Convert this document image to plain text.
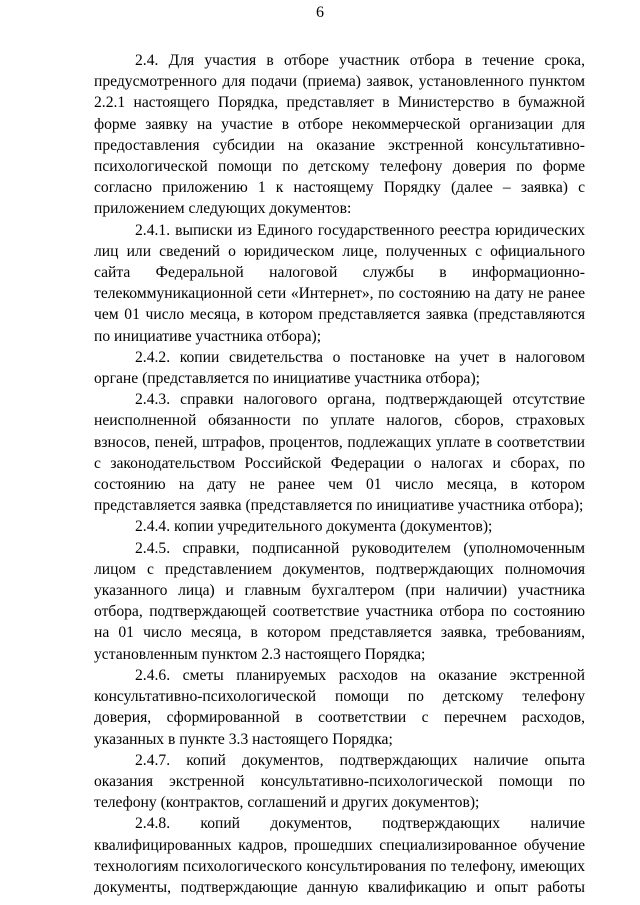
6

2.4. Для участия в отборе участник отбора в течение срока, предусмотренного для подачи (приема) заявок, установленного пунктом 2.2.1 настоящего Порядка, представляет в Министерство в бумажной форме заявку на участие в отборе некоммерческой организации для предоставления субсидии на оказание экстренной консультативно-психологической помощи по детскому телефону доверия по форме согласно приложению 1 к настоящему Порядку (далее – заявка) с приложением следующих документов:

2.4.1. выписки из Единого государственного реестра юридических лиц или сведений о юридическом лице, полученных с официального сайта Федеральной налоговой службы в информационно-телекоммуникационной сети «Интернет», по состоянию на дату не ранее чем 01 число месяца, в котором представляется заявка (представляются по инициативе участника отбора);

2.4.2. копии свидетельства о постановке на учет в налоговом органе (представляется по инициативе участника отбора);

2.4.3. справки налогового органа, подтверждающей отсутствие неисполненной обязанности по уплате налогов, сборов, страховых взносов, пеней, штрафов, процентов, подлежащих уплате в соответствии с законодательством Российской Федерации о налогах и сборах, по состоянию на дату не ранее чем 01 число месяца, в котором представляется заявка (представляется по инициативе участника отбора);

2.4.4. копии учредительного документа (документов);

2.4.5. справки, подписанной руководителем (уполномоченным лицом с представлением документов, подтверждающих полномочия указанного лица) и главным бухгалтером (при наличии) участника отбора, подтверждающей соответствие участника отбора по состоянию на 01 число месяца, в котором представляется заявка, требованиям, установленным пунктом 2.3 настоящего Порядка;

2.4.6. сметы планируемых расходов на оказание экстренной консультативно-психологической помощи по детскому телефону доверия, сформированной в соответствии с перечнем расходов, указанных в пункте 3.3 настоящего Порядка;

2.4.7. копий документов, подтверждающих наличие опыта оказания экстренной консультативно-психологической помощи по телефону (контрактов, соглашений и других документов);

2.4.8. копий документов, подтверждающих наличие квалифицированных кадров, прошедших специализированное обучение технологиям психологического консультирования по телефону, имеющих документы, подтверждающие данную квалификацию и опыт работы
